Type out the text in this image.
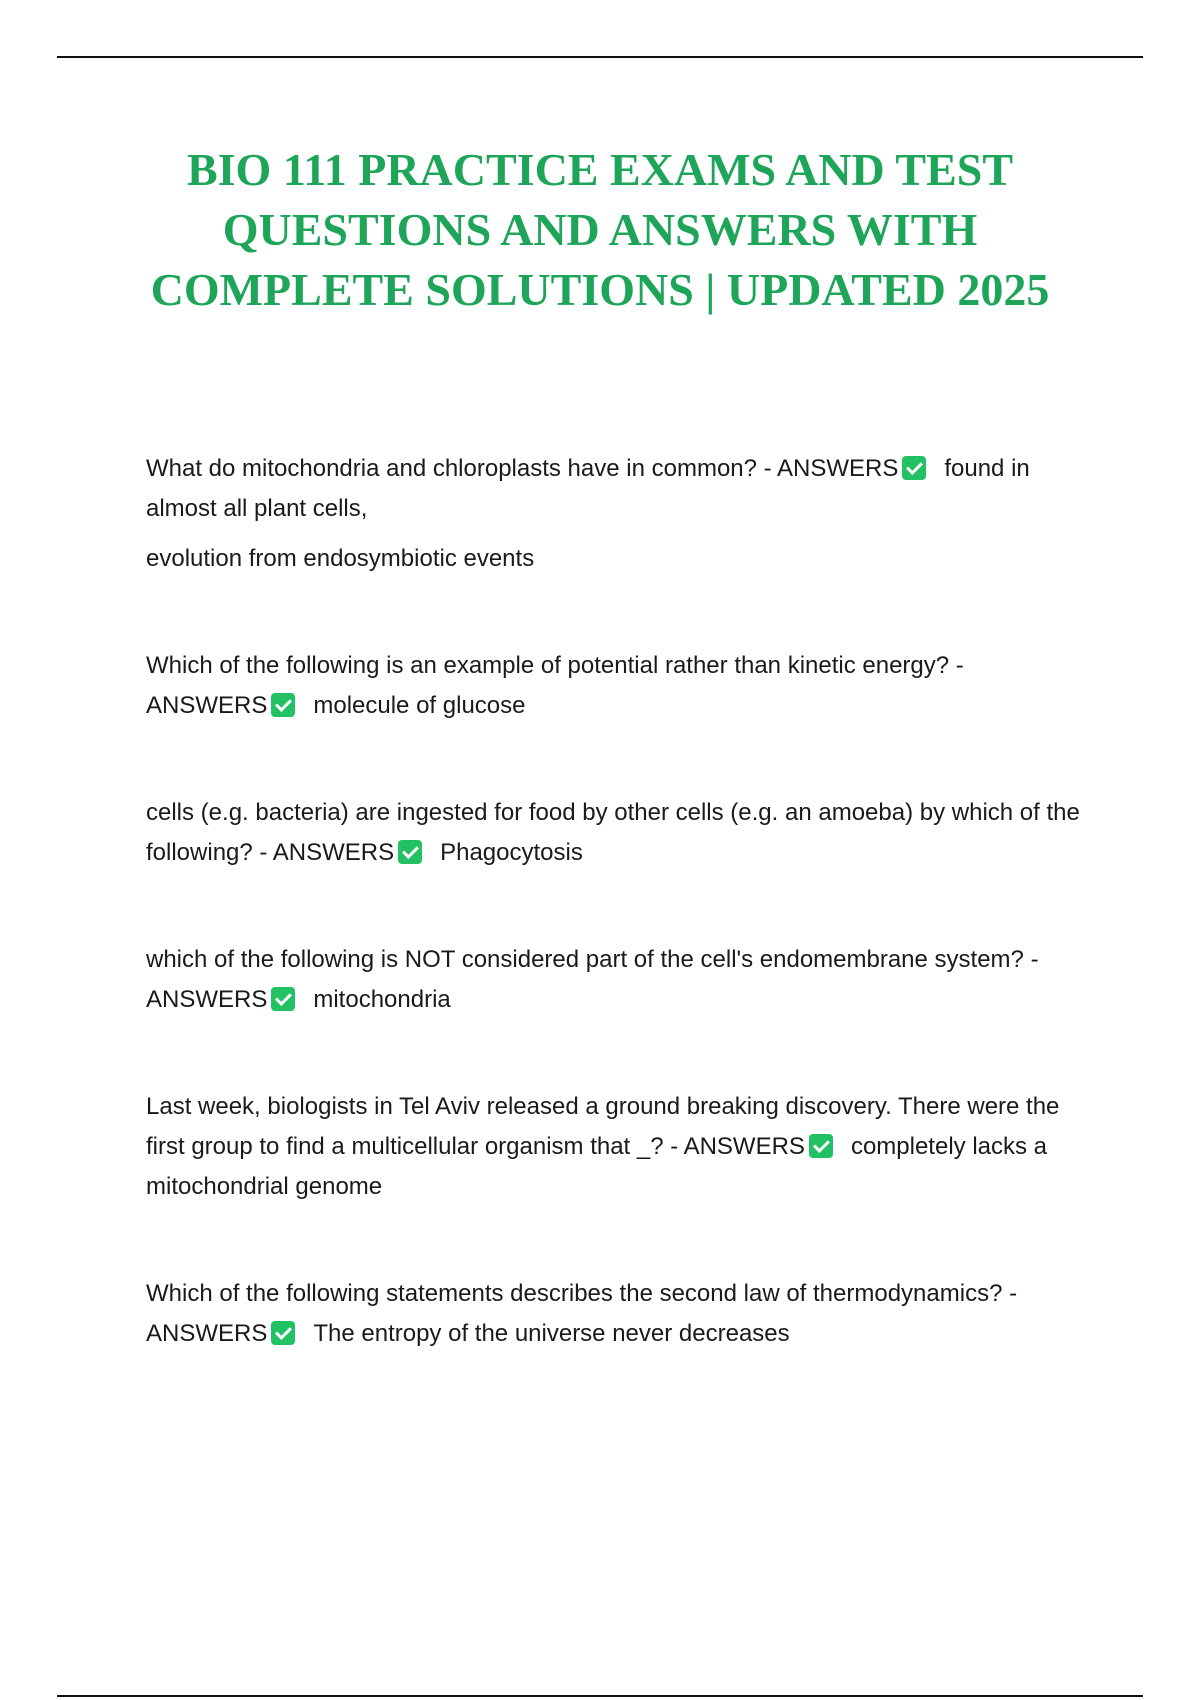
BIO 111 PRACTICE EXAMS AND TEST QUESTIONS AND ANSWERS WITH COMPLETE SOLUTIONS | UPDATED 2025

What do mitochondria and chloroplasts have in common? - ANSWERS found in almost all plant cells,

evolution from endosymbiotic events

Which of the following is an example of potential rather than kinetic energy? - ANSWERS molecule of glucose

cells (e.g. bacteria) are ingested for food by other cells (e.g. an amoeba) by which of the following? - ANSWERS Phagocytosis

which of the following is NOT considered part of the cell's endomembrane system? - ANSWERS mitochondria

Last week, biologists in Tel Aviv released a ground breaking discovery. There were the first group to find a multicellular organism that _? - ANSWERS completely lacks a mitochondrial genome

Which of the following statements describes the second law of thermodynamics? - ANSWERS The entropy of the universe never decreases
